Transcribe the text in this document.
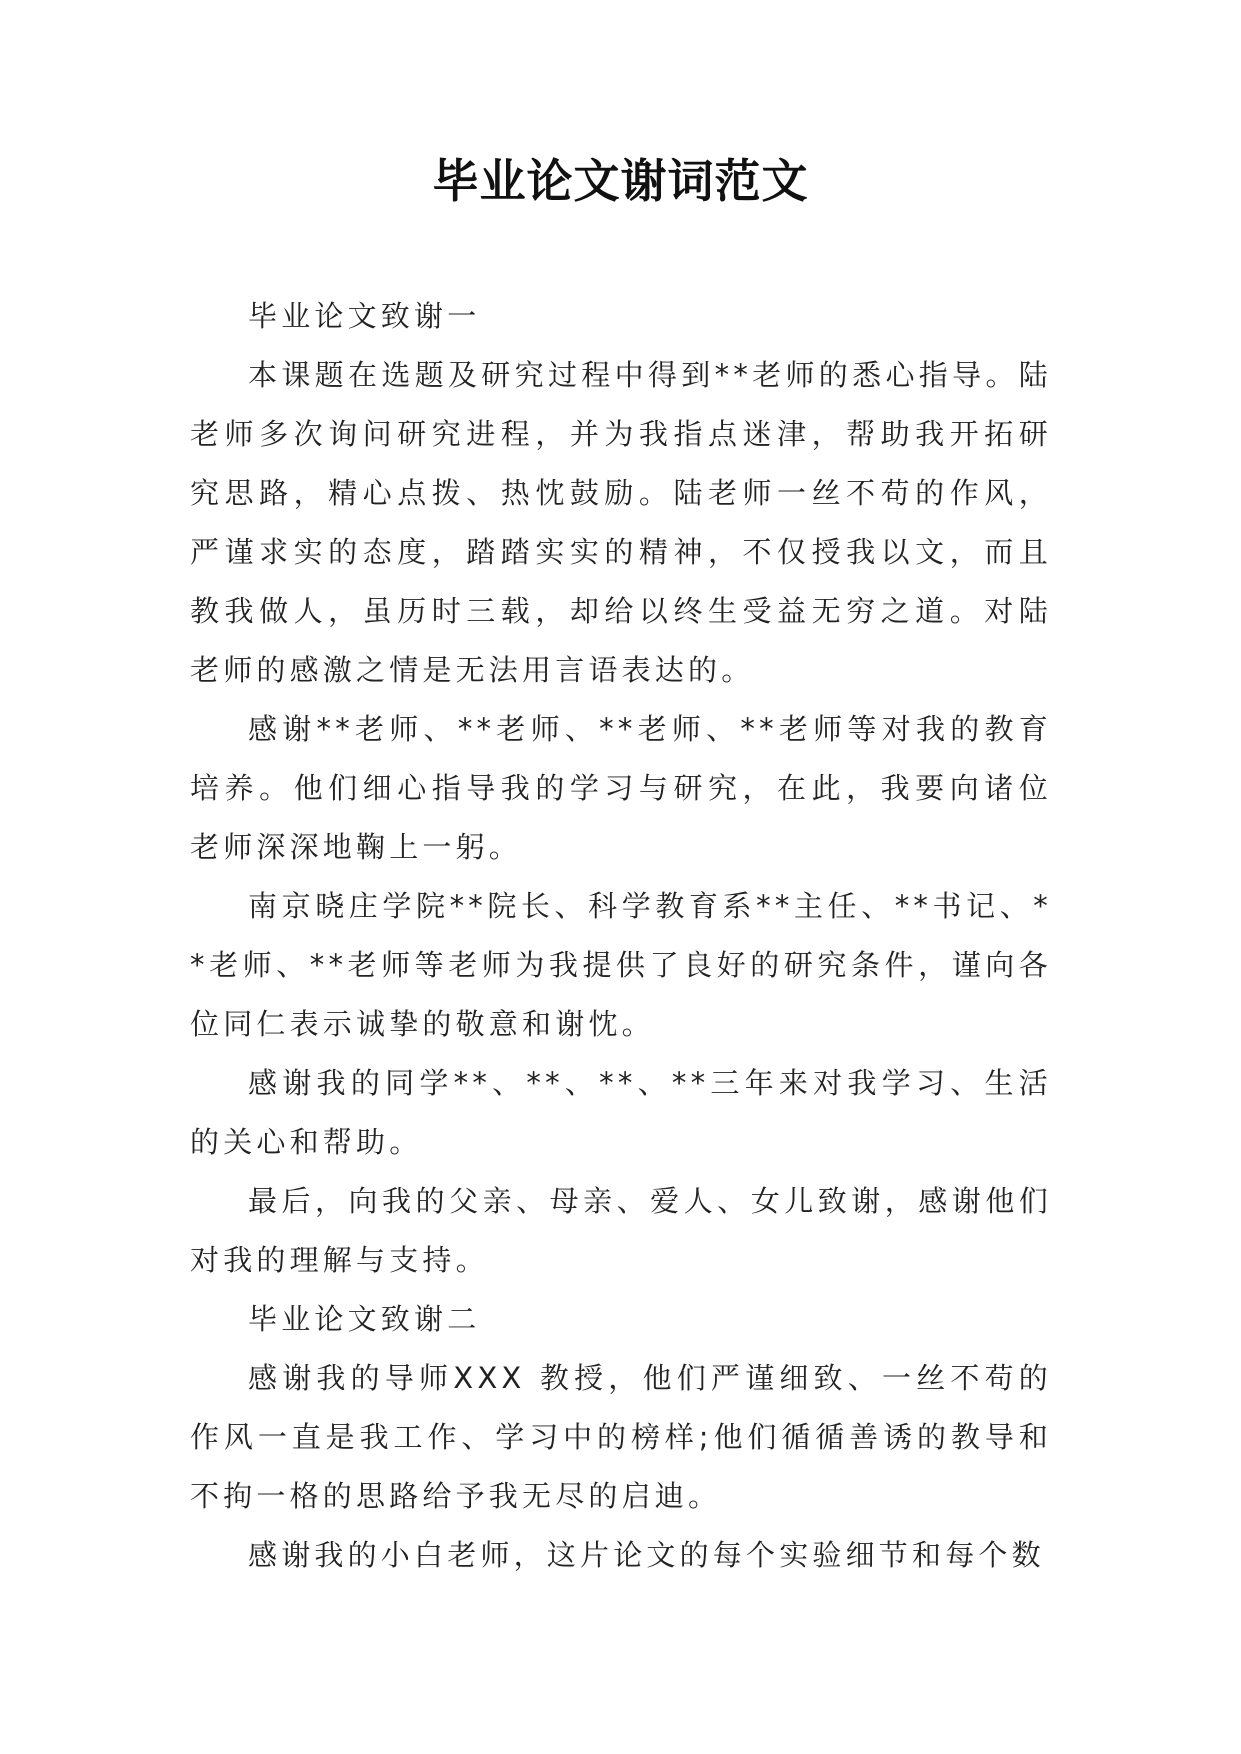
毕业论文谢词范文

毕业论文致谢一

本课题在选题及研究过程中得到**老师的悉心指导。陆老师多次询问研究进程，并为我指点迷津，帮助我开拓研究思路，精心点拨、热忱鼓励。陆老师一丝不苟的作风，严谨求实的态度，踏踏实实的精神，不仅授我以文，而且教我做人，虽历时三载，却给以终生受益无穷之道。对陆老师的感激之情是无法用言语表达的。

感谢**老师、**老师、**老师、**老师等对我的教育培养。他们细心指导我的学习与研究，在此，我要向诸位老师深深地鞠上一躬。

南京晓庄学院**院长、科学教育系**主任、**书记、**老师、**老师等老师为我提供了良好的研究条件，谨向各位同仁表示诚挚的敬意和谢忱。

感谢我的同学**、**、**、**三年来对我学习、生活的关心和帮助。

最后，向我的父亲、母亲、爱人、女儿致谢，感谢他们对我的理解与支持。

毕业论文致谢二

感谢我的导师XXX 教授，他们严谨细致、一丝不苟的作风一直是我工作、学习中的榜样;他们循循善诱的教导和不拘一格的思路给予我无尽的启迪。

感谢我的小白老师，这片论文的每个实验细节和每个数
